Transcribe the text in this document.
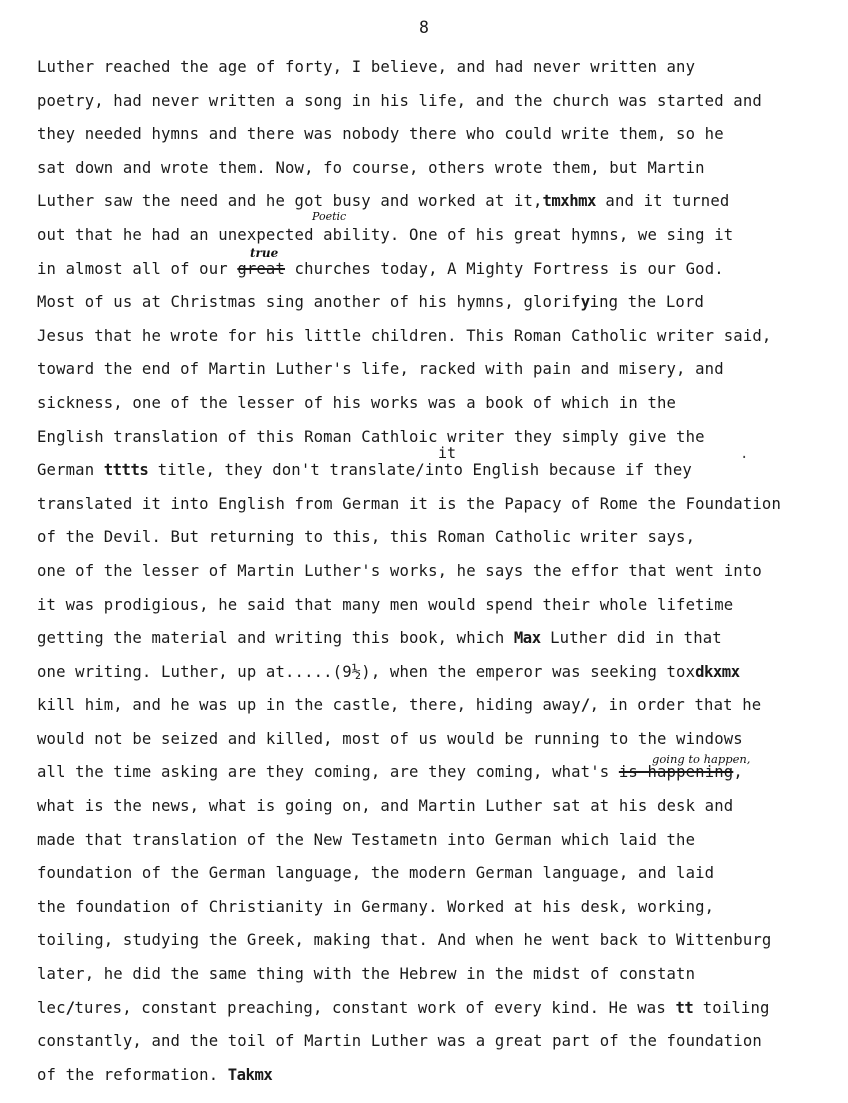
8
Poetic
true
it
going to happen,
·
Luther reached the age of forty, I believe, and had never written any
poetry, had never written a song in his life, and the church was started and
they needed hymns and there was nobody there who could write them, so he
sat down and wrote them. Now, fo course, others wrote them, but Martin
Luther saw the need and he got busy and worked at it,tmxhmx and it turned
out that he had an unexpected ability. One of his great hymns, we sing it
in almost all of our great churches today, A Mighty Fortress is our God.
Most of us at Christmas sing another of his hymns, glorifying the Lord
Jesus that he wrote for his little children. This Roman Catholic writer said,
toward the end of Martin Luther's life, racked with pain and misery, and
sickness, one of the lesser of his works was a book of which in the
English translation of this Roman Cathloic writer they simply give the
German tttts title, they don't translate/into English because if they
translated it into English from German it is the Papacy of Rome the Foundation
of the Devil. But returning to this, this Roman Catholic writer says,
one of the lesser of Martin Luther's works, he says the effor that went into
it was prodigious, he said that many men would spend their whole lifetime
getting the material and writing this book, which Max Luther did in that
one writing. Luther, up at.....(9½), when the emperor was seeking toxdkxmx
kill him, and he was up in the castle, there, hiding away/, in order that he
would not be seized and killed, most of us would be running to the windows
all the time asking are they coming, are they coming, what's is happening,
what is the news, what is going on, and Martin Luther sat at his desk and
made that translation of the New Testametn into German which laid the
foundation of the German language, the modern German language, and laid
the foundation of Christianity in Germany. Worked at his desk, working,
toiling, studying the Greek, making that. And when he went back to Wittenburg
later, he did the same thing with the Hebrew in the midst of constatn
lec/tures, constant preaching, constant work of every kind. He was tt toiling
constantly, and the toil of Martin Luther was a great part of the foundation
of the reformation. Takmx
